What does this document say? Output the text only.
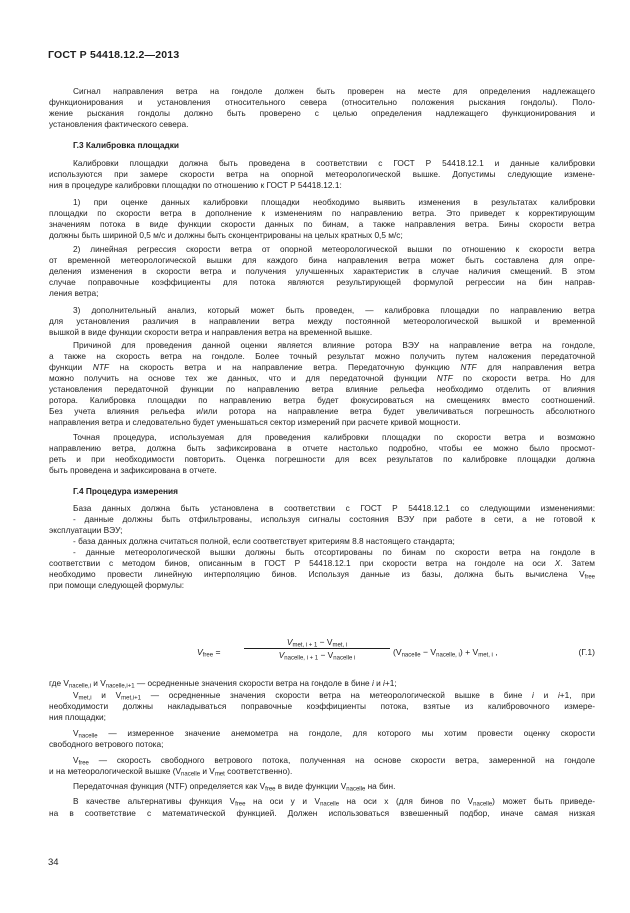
ГОСТ Р 54418.12.2—2013
Сигнал направления ветра на гондоле должен быть проверен на месте для определения надлежащего
функционирования и установления относительного севера (относительно положения рыскания гондолы). Поло-
жение рыскания гондолы должно быть проверено с целью определения надлежащего функционирования и
установления фактического севера.
Г.3 Калибровка площадки
Калибровки площадки должна быть проведена в соответствии с ГОСТ Р 54418.12.1 и данные калибровки
используются при замере скорости ветра на опорной метеорологической вышке. Допустимы следующие измене-
ния в процедуре калибровки площадки по отношению к ГОСТ Р 54418.12.1:
1) при оценке данных калибровки площадки необходимо выявить изменения в результатах калибровки
площадки по скорости ветра в дополнение к изменениям по направлению ветра. Это приведет к корректирующим
значениям потока в виде функции скорости данных по бинам, а также направления ветра. Бины скорости ветра
должны быть шириной 0,5 м/с и должны быть сконцентрированы на целых кратных 0,5 м/с;
2) линейная регрессия скорости ветра от опорной метеорологической вышки по отношению к скорости ветра
от временной метеорологической вышки для каждого бина направления ветра может быть составлена для опре-
деления изменения в скорости ветра и получения улучшенных характеристик в случае наличия смещений. В этом
случае поправочные коэффициенты для потока являются результирующей формулой регрессии на бин направ-
ления ветра;
3) дополнительный анализ, который может быть проведен, — калибровка площадки по направлению ветра
для установления различия в направлении ветра между постоянной метеорологической вышкой и временной
вышкой в виде функции скорости ветра и направления ветра на временной вышке.
Причиной для проведения данной оценки является влияние ротора ВЭУ на направление ветра на гондоле,
а также на скорость ветра на гондоле. Более точный результат можно получить путем наложения передаточной
функции NTF на скорость ветра и на направление ветра. Передаточную функцию NTF для направления ветра
можно получить на основе тех же данных, что и для передаточной функции NTF по скорости ветра. Но для
установления передаточной функции по направлению ветра влияние рельефа необходимо отделить от влияния
ротора. Калибровка площадки по направлению ветра будет фокусироваться на смещениях вместо соотношений.
Без учета влияния рельефа и/или ротора на направление ветра будет увеличиваться погрешность абсолютного
направления ветра и следовательно будет уменьшаться сектор измерений при расчете кривой мощности.
Точная процедура, используемая для проведения калибровки площадки по скорости ветра и возможно
направлению ветра, должна быть зафиксирована в отчете настолько подробно, чтобы ее можно было просмот-
реть и при необходимости повторить. Оценка погрешности для всех результатов по калибровке площадки должна
быть проведена и зафиксирована в отчете.
Г.4 Процедура измерения
База данных должна быть установлена в соответствии с ГОСТ Р 54418.12.1 со следующими изменениями:
- данные должны быть отфильтрованы, используя сигналы состояния ВЭУ при работе в сети, а не готовой к
эксплуатации ВЭУ;
- база данных должна считаться полной, если соответствует критериям 8.8 настоящего стандарта;
- данные метеорологической вышки должны быть отсортированы по бинам по скорости ветра на гондоле в
соответствии с методом бинов, описанным в ГОСТ Р 54418.12.1 при скорости ветра на гондоле на оси X. Затем
необходимо провести линейную интерполяцию бинов. Используя данные из базы, должна быть вычислена $V_{free}$
при помощи следующей формулы:
$V_{free}$ =
$V_{met, i + 1} - V_{met, i}$
$V_{nacelle, i + 1} - V_{nacelle i}$
$(V_{nacelle} - V_{nacelle, i}) + V_{met, i}$ ,	(Г.1)
где $V_{nacelle,i}$ и $V_{nacelle,i+1}$ — осредненные значения скорости ветра на гондоле в бине i и i+1;
$V_{met,i}$ и $V_{met,i+1}$ — осредненные значения скорости ветра на метеорологической вышке в бине i и i+1, при
необходимости должны накладываться поправочные коэффициенты потока, взятые из калибровочного измере-
ния площадки;
$V_{nacelle}$ — измеренное значение анемометра на гондоле, для которого мы хотим провести оценку скорости
свободного ветрового потока;
$V_{free}$ — скорость свободного ветрового потока, полученная на основе скорости ветра, замеренной на гондоле
и на метеорологической вышке ($V_{nacelle}$ и $V_{met}$ соответственно).
Передаточная функция (NTF) определяется как $V_{free}$ в виде функции $V_{nacelle}$ на бин.
В качестве альтернативы функция $V_{free}$ на оси y и $V_{nacelle}$ на оси x (для бинов по $V_{nacelle}$) может быть приведе-
на в соответствие с математической функцией. Должен использоваться взвешенный подбор, иначе самая низкая
34
